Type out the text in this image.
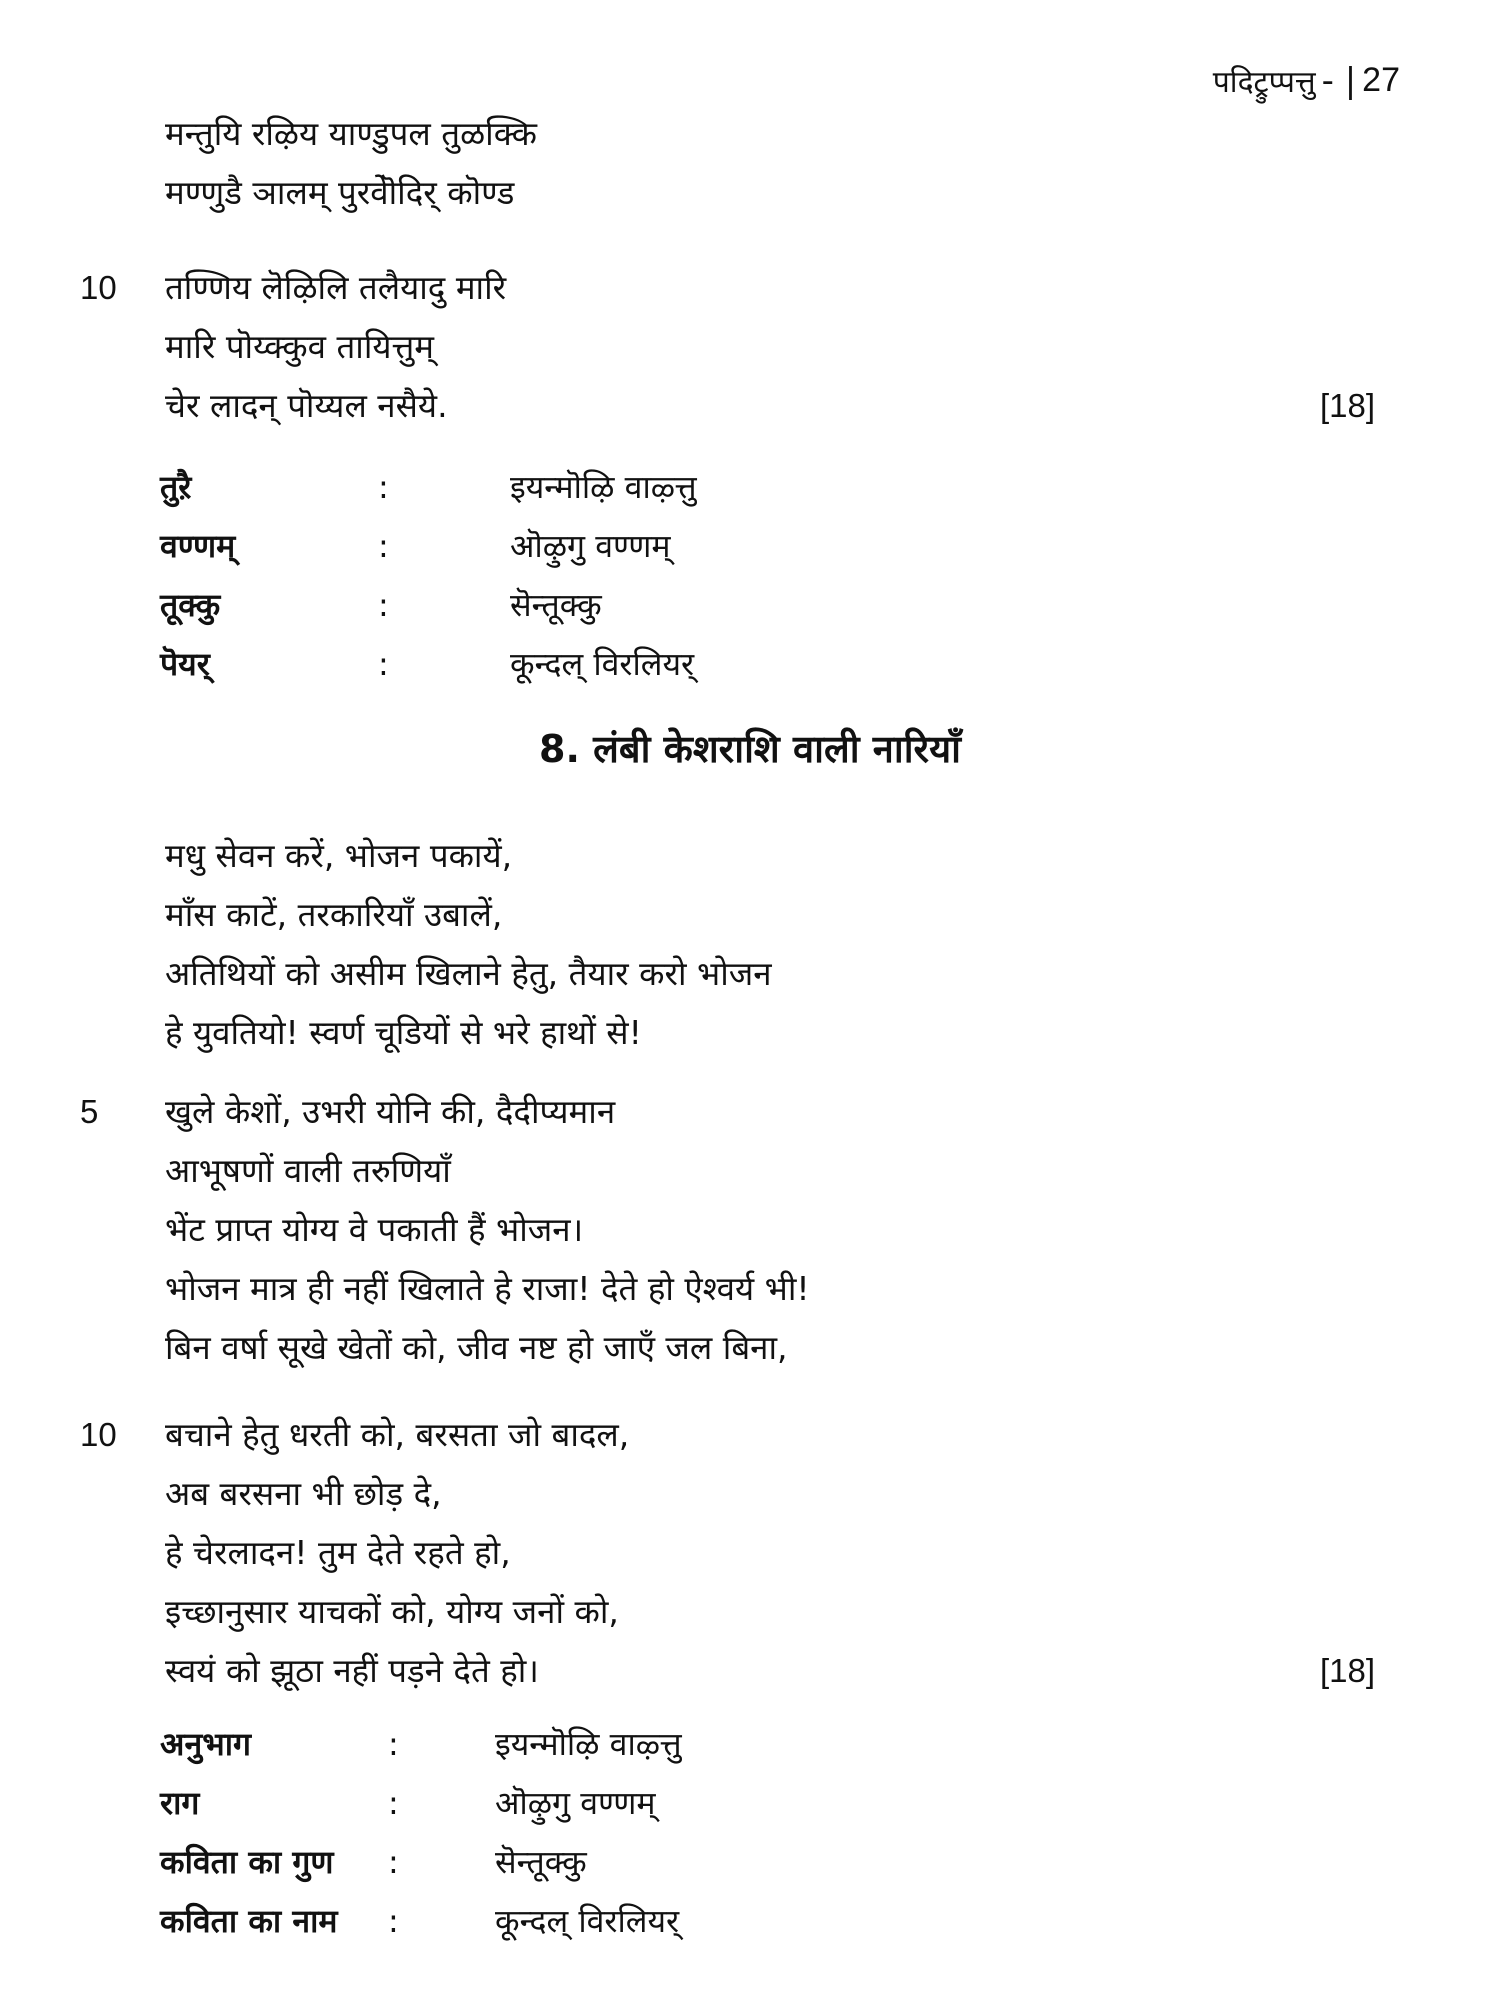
पदिट्रुप्पत्तु - | 27
मन्तुयि रऴिय याण्डुपल तुळक्कि
मण्णुडै ञालम् पुरवेॊदिर् कॊण्ड
10 तण्णिय लॆऴिलि तलैयादु मारि
मारि पॊय्क्कुव तायित्तुम्
चेर लादन् पॊय्यल नसैये.	[18]
तुऱै	:	इयन्मॊऴि वाऴ्त्तु
वण्णम्	:	ऒऴुगु वण्णम्
तूक्कु	:	सॆन्तूक्कु
पॆयर्	:	कून्दल् विरलियर्
8. लंबी केशराशि वाली नारियाँ
मधु सेवन करें, भोजन पकायें,
माँस काटें, तरकारियाँ उबालें,
अतिथियों को असीम खिलाने हेतु, तैयार करो भोजन
हे युवतियो! स्वर्ण चूडियों से भरे हाथों से!
5 खुले केशों, उभरी योनि की, दैदीप्यमान
आभूषणों वाली तरुणियाँ
भेंट प्राप्त योग्य वे पकाती हैं भोजन।
भोजन मात्र ही नहीं खिलाते हे राजा! देते हो ऐश्वर्य भी!
बिन वर्षा सूखे खेतों को, जीव नष्ट हो जाएँ जल बिना,
10 बचाने हेतु धरती को, बरसता जो बादल,
अब बरसना भी छोड़ दे,
हे चेरलादन! तुम देते रहते हो,
इच्छानुसार याचकों को, योग्य जनों को,
स्वयं को झूठा नहीं पड़ने देते हो।	[18]
अनुभाग	:	इयन्मॊऴि वाऴ्त्तु
राग	:	ऒऴुगु वण्णम्
कविता का गुण :	सॆन्तूक्कु
कविता का नाम :	कून्दल् विरलियर्
